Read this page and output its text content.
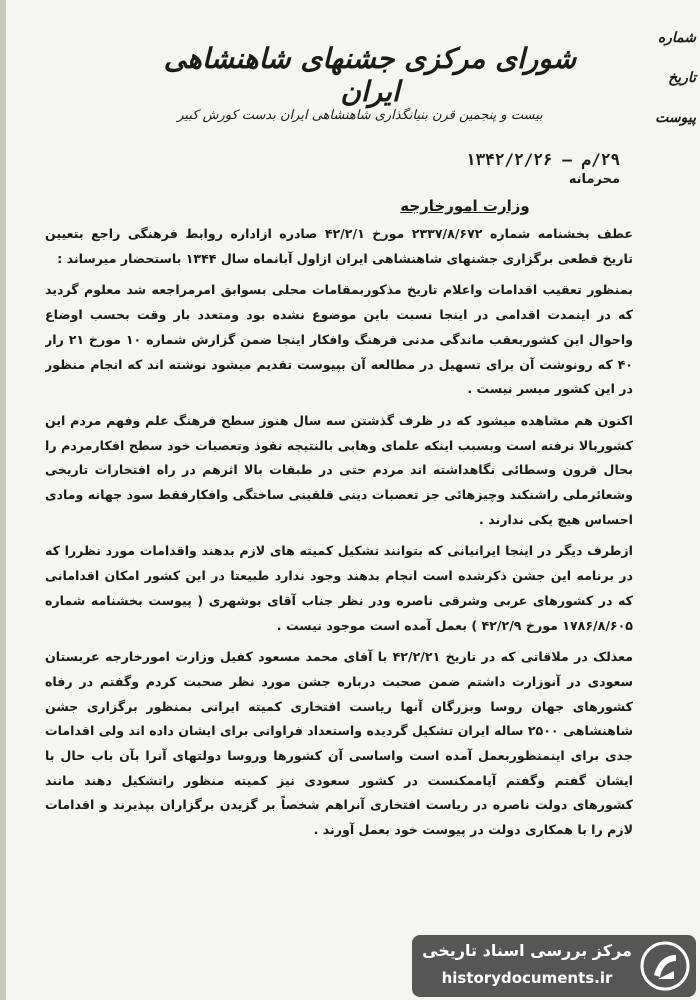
شماره
تاریخ
پیوست
شورای مرکزی جشنهای شاهنشاهی ایران
بیست و پنجمین قرن بنیانگذاری شاهنشاهی ایران بدست کورش کبیر
۲۹/م — ۱۳۴۲/۲/۲۶
محرمانه
وزارت امورخارجه

عطف بخشنامه شماره ۲۳۳۷/۸/۶۷۲ مورخ ۴۲/۲/۱ صادره ازاداره روابط فرهنگی راجع بتعیین تاریخ قطعی برگزاری جشنهای شاهنشاهی ایران ازاول آبانماه سال ۱۳۴۴ باستحضار میرساند :

بمنظور تعقیب اقدامات واعلام تاریخ مذکوربمقامات محلی بسوابق امرمراجعه شد معلوم گردید که در اینمدت اقدامی در اینجا نسبت باین موضوع نشده بود ومتعدد بار وقت بحسب اوضاع واحوال این کشوربعقب ماندگی مدنی فرهنگ وافکار اینجا ضمن گزارش شماره ۱۰ مورخ ۲۱ رار ۴۰ که رونوشت آن برای تسهیل در مطالعه آن بپیوست تقدیم میشود نوشته اند که انجام منظور در این کشور میسر نیست .

اکنون هم مشاهده میشود که در ظرف گذشتن سه سال هنوز سطح فرهنگ علم وفهم مردم این کشوربالا نرفته است وبسبب اینکه علمای وهابی بالنتیجه نفوذ وتعصبات خود سطح افکارمردم را بحال قرون وسطائی نگاهداشته اند مردم حتی در طبقات بالا اثرهم در راه افتخارات تاریخی وشعائرملی راشنکند وچیزهائی جز تعصبات دینی قلقینی ساختگی وافکارفقط سود جهانه ومادی احساس هیچ یکی ندارند .

ازطرف دیگر در اینجا ایرانیانی که بتوانند تشکیل کمیته های لازم بدهند واقدامات مورد نظررا که در برنامه این جشن ذکرشده است انجام بدهند وجود ندارد طبیعتا در این کشور امکان اقدامانی که در کشورهای عربی وشرقی ناصره ودر نظر جناب آقای بوشهری ( پیوست بخشنامه شماره ۱۷۸۶/۸/۶۰۵ مورخ ۴۲/۲/۹ ) بعمل آمده است موجود نیست .

معذلک در ملاقاتی که در تاریخ ۴۲/۲/۲۱ با آقای محمد مسعود کفیل وزارت امورخارجه عربستان سعودی در آنوزارت داشتم ضمن صحبت درباره جشن مورد نظر صحبت کردم وگفتم در رفاه کشورهای جهان روسا وبزرگان آنها ریاست افتخاری کمیته ایرانی بمنظور برگزاری جشن شاهنشاهی ۲۵۰۰ ساله ایران تشکیل گردیده واستعداد فراوانی برای ایشان داده اند ولی اقدامات جدی برای اینمنظوربعمل آمده است واساسی آن کشورها وروسا دولتهای آنرا بآن باب حال با ایشان گفتم وگفتم آیاممکنست در کشور سعودی نیز کمیته منظور راتشکیل دهند مانند کشورهای دولت ناصره در ریاست افتخاری آنراهم شخصاً بر گزیدن برگزاران بپذیرند و اقدامات لازم را با همکاری دولت در پیوست خود بعمل آورند .

مرکز بررسی اسناد تاریخی
historydocuments.ir
